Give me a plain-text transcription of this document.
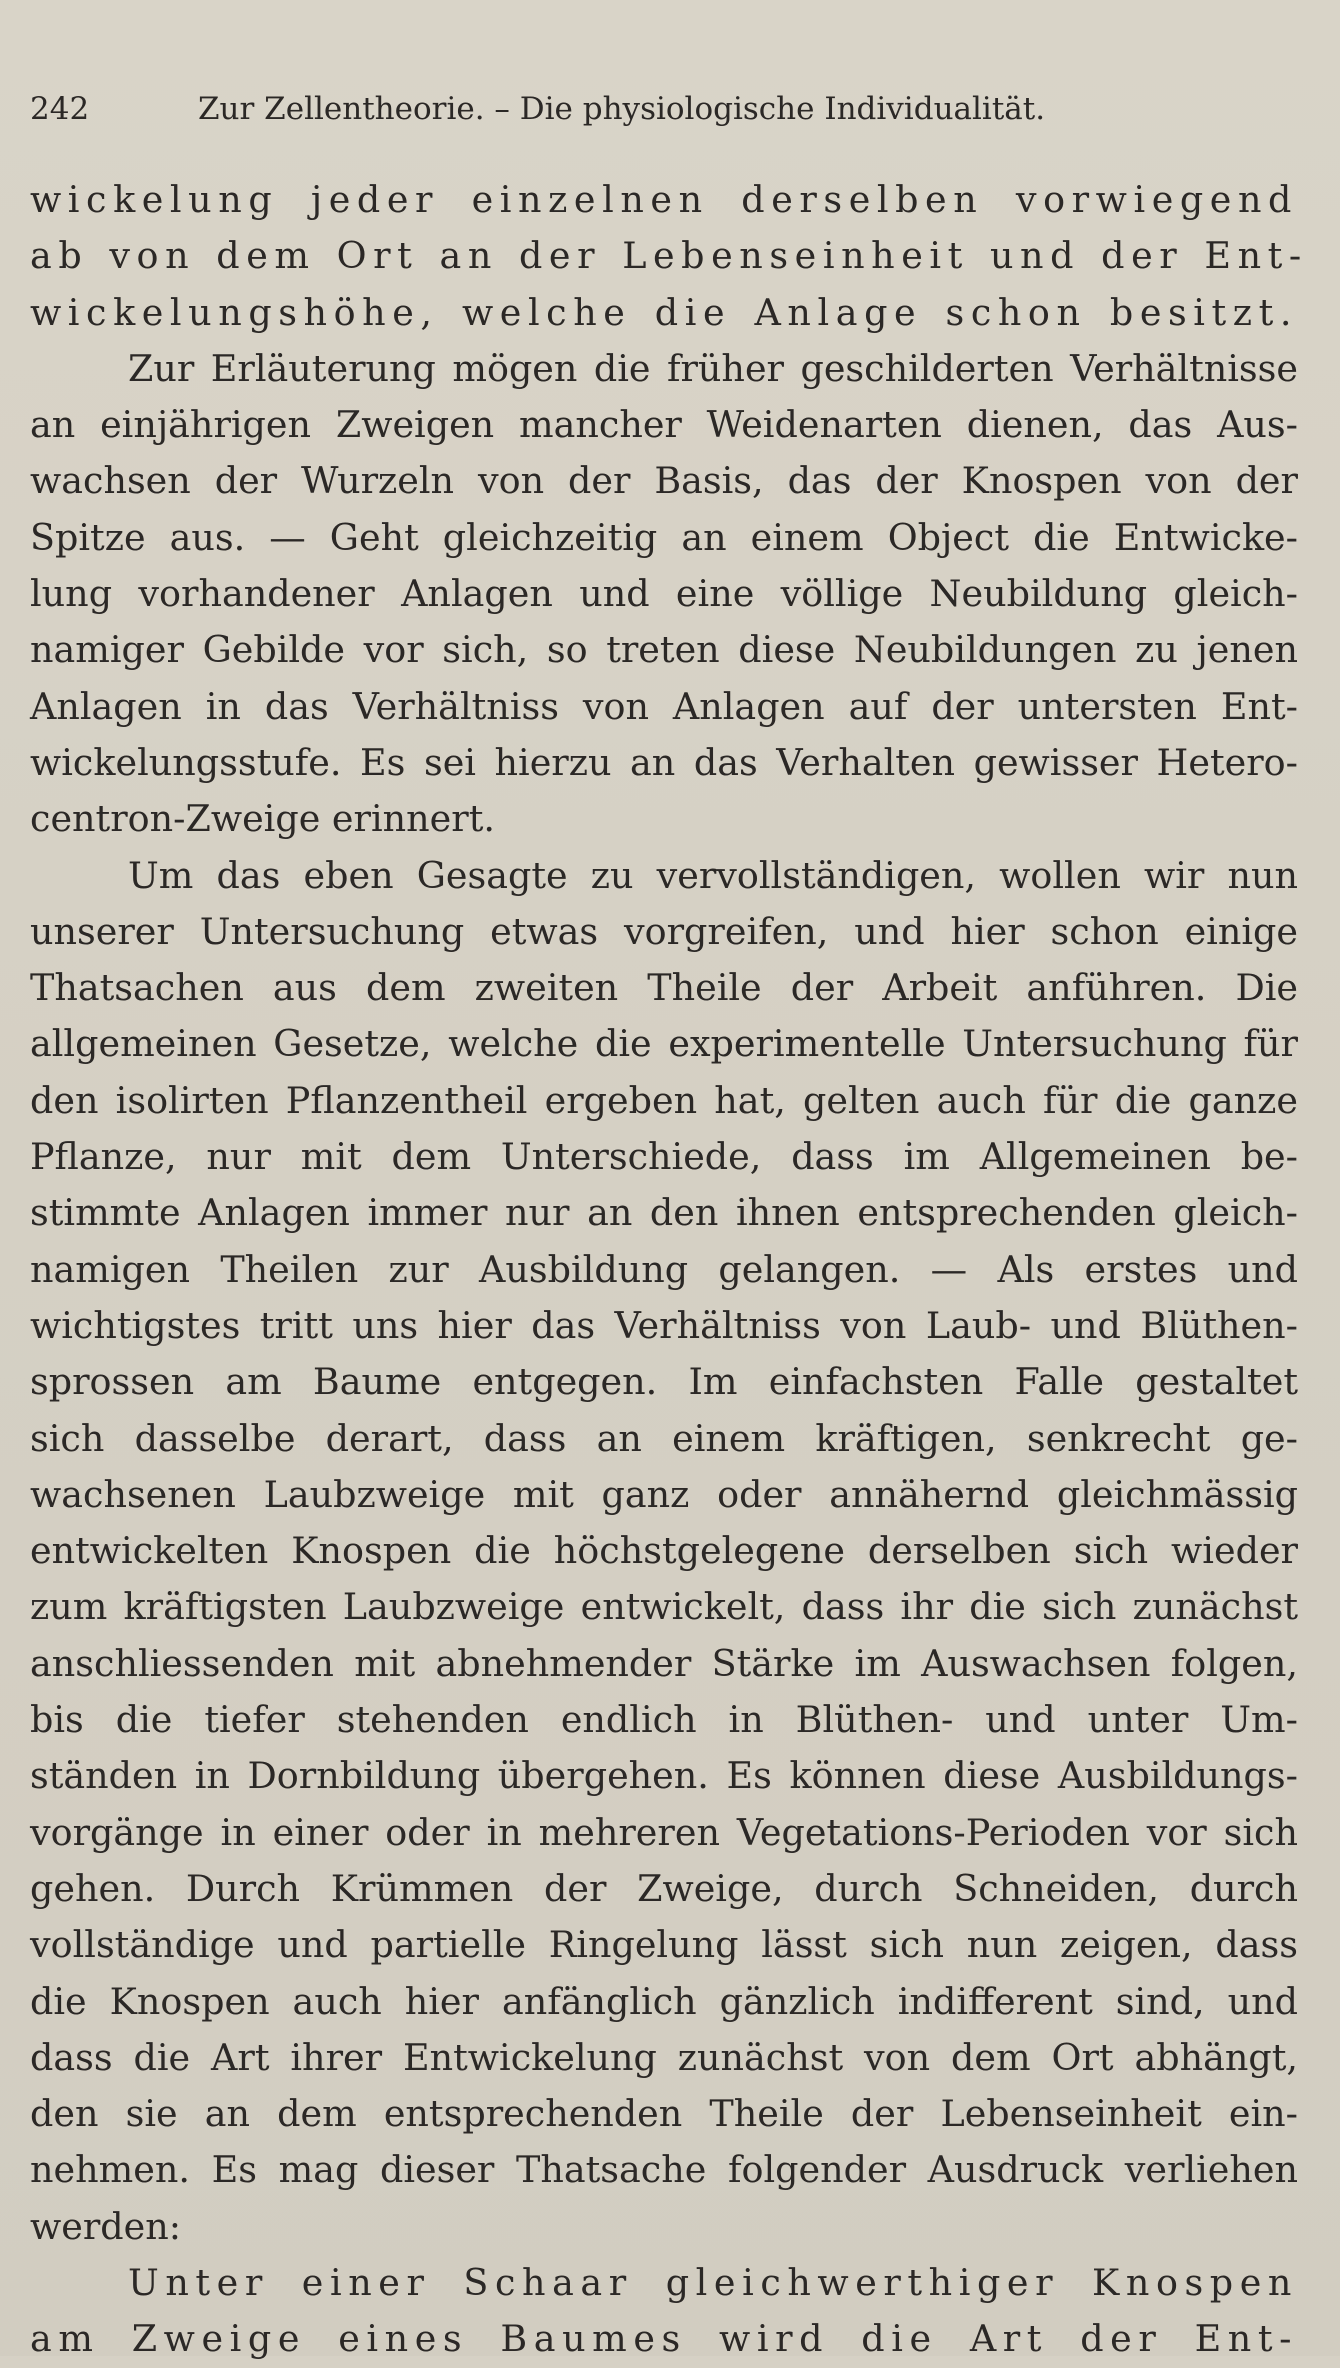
242	Zur Zellentheorie. – Die physiologische Individualität.
wickelung jeder einzelnen derselben vorwiegend
ab von dem Ort an der Lebenseinheit und der Ent-
wickelungshöhe, welche die Anlage schon besitzt.
Zur Erläuterung mögen die früher geschilderten Verhältnisse
an einjährigen Zweigen mancher Weidenarten dienen, das Aus-
wachsen der Wurzeln von der Basis, das der Knospen von der
Spitze aus. — Geht gleichzeitig an einem Object die Entwicke-
lung vorhandener Anlagen und eine völlige Neubildung gleich-
namiger Gebilde vor sich, so treten diese Neubildungen zu jenen
Anlagen in das Verhältniss von Anlagen auf der untersten Ent-
wickelungsstufe. Es sei hierzu an das Verhalten gewisser Hetero-
centron-Zweige erinnert.
Um das eben Gesagte zu vervollständigen, wollen wir nun
unserer Untersuchung etwas vorgreifen, und hier schon einige
Thatsachen aus dem zweiten Theile der Arbeit anführen. Die
allgemeinen Gesetze, welche die experimentelle Untersuchung für
den isolirten Pflanzentheil ergeben hat, gelten auch für die ganze
Pflanze, nur mit dem Unterschiede, dass im Allgemeinen be-
stimmte Anlagen immer nur an den ihnen entsprechenden gleich-
namigen Theilen zur Ausbildung gelangen. — Als erstes und
wichtigstes tritt uns hier das Verhältniss von Laub- und Blüthen-
sprossen am Baume entgegen. Im einfachsten Falle gestaltet
sich dasselbe derart, dass an einem kräftigen, senkrecht ge-
wachsenen Laubzweige mit ganz oder annähernd gleichmässig
entwickelten Knospen die höchstgelegene derselben sich wieder
zum kräftigsten Laubzweige entwickelt, dass ihr die sich zunächst
anschliessenden mit abnehmender Stärke im Auswachsen folgen,
bis die tiefer stehenden endlich in Blüthen- und unter Um-
ständen in Dornbildung übergehen. Es können diese Ausbildungs-
vorgänge in einer oder in mehreren Vegetations-Perioden vor sich
gehen. Durch Krümmen der Zweige, durch Schneiden, durch
vollständige und partielle Ringelung lässt sich nun zeigen, dass
die Knospen auch hier anfänglich gänzlich indifferent sind, und
dass die Art ihrer Entwickelung zunächst von dem Ort abhängt,
den sie an dem entsprechenden Theile der Lebenseinheit ein-
nehmen. Es mag dieser Thatsache folgender Ausdruck verliehen
werden:
Unter einer Schaar gleichwerthiger Knospen
am Zweige eines Baumes wird die Art der Ent-
